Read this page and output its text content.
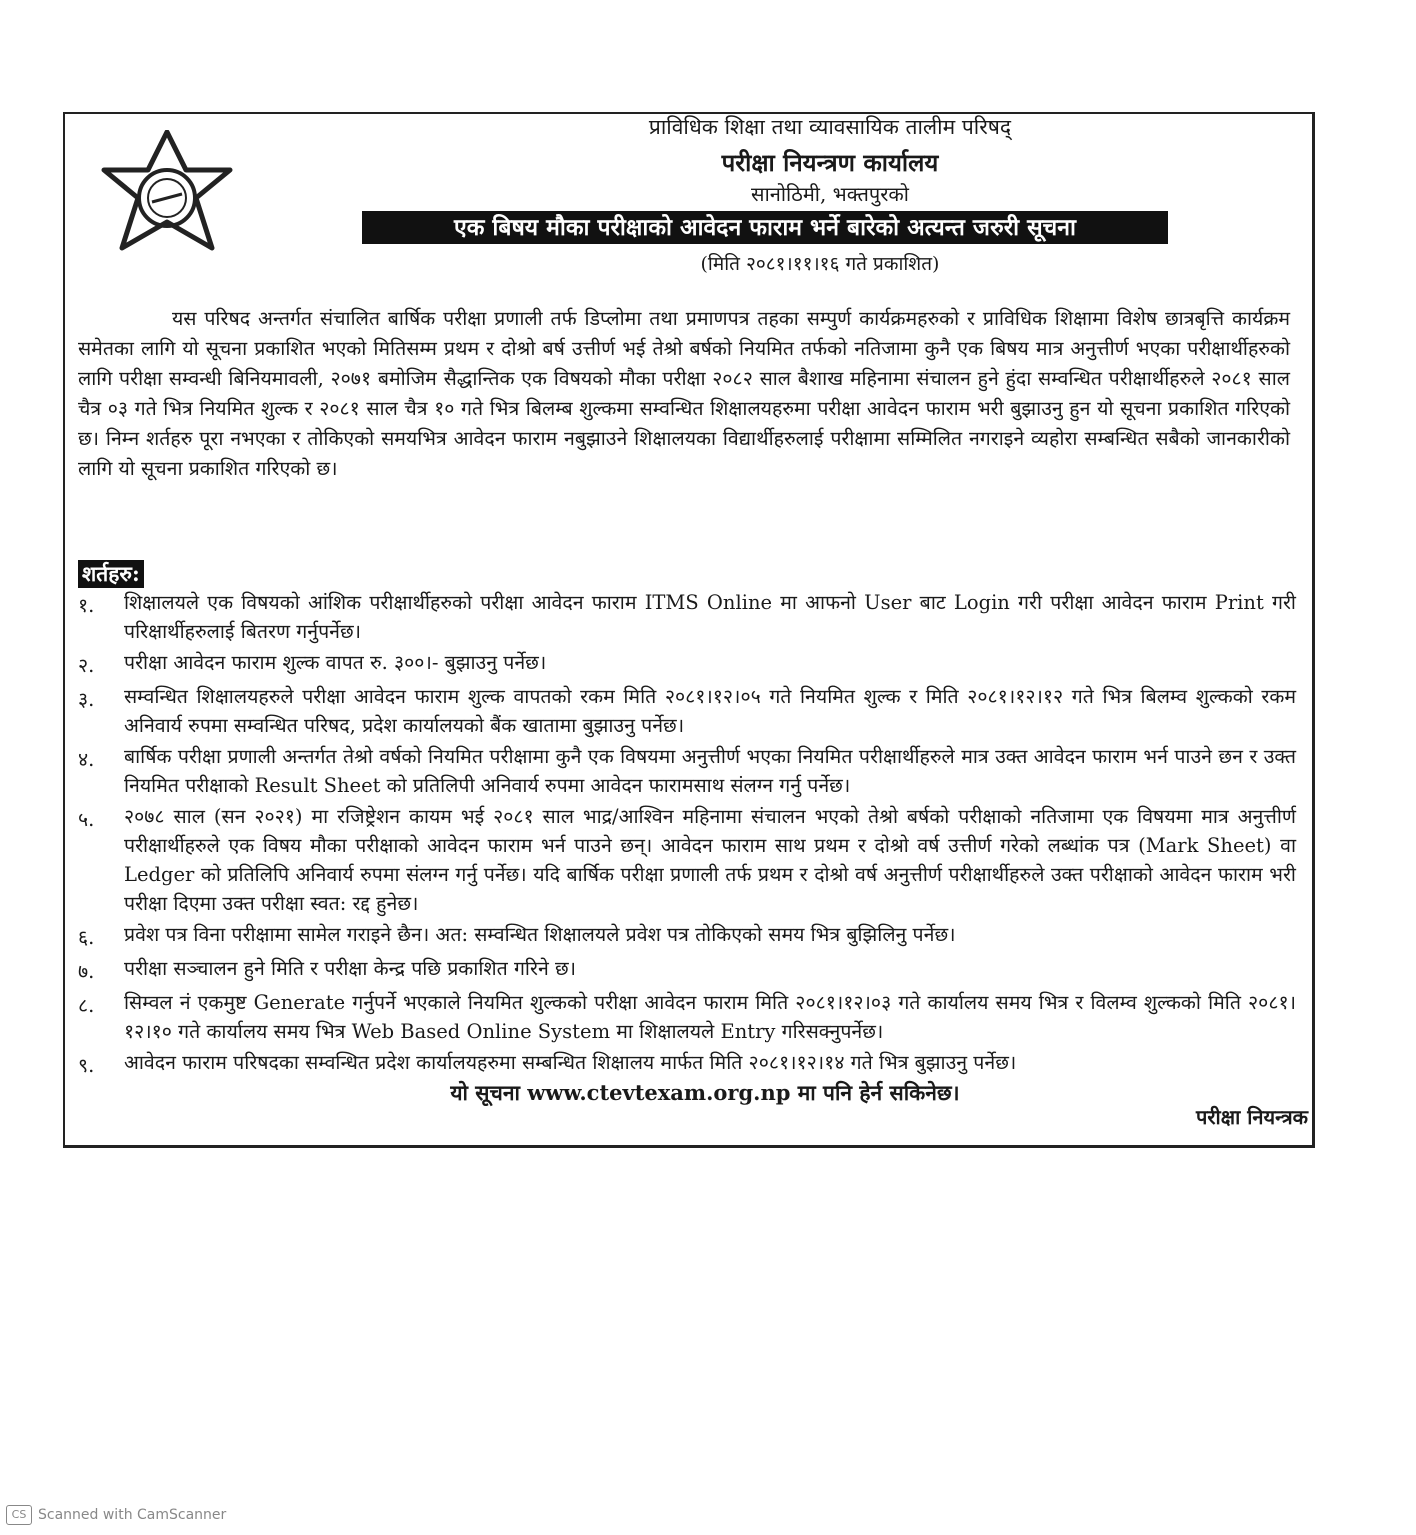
प्राविधिक शिक्षा तथा व्यावसायिक तालीम परिषद्
परीक्षा नियन्त्रण कार्यालय
सानोठिमी, भक्तपुरको
एक बिषय मौका परीक्षाको आवेदन फाराम भर्ने बारेको अत्यन्त जरुरी सूचना
(मिति २०८१।११।१६ गते प्रकाशित)
यस परिषद अन्तर्गत संचालित बार्षिक परीक्षा प्रणाली तर्फ डिप्लोमा तथा प्रमाणपत्र तहका सम्पुर्ण कार्यक्रमहरुको र प्राविधिक शिक्षामा विशेष छात्रबृत्ति कार्यक्रम समेतका लागि यो सूचना प्रकाशित भएको मितिसम्म प्रथम र दोश्रो बर्ष उत्तीर्ण भई तेश्रो बर्षको नियमित तर्फको नतिजामा कुनै एक बिषय मात्र अनुत्तीर्ण भएका परीक्षार्थीहरुको लागि परीक्षा सम्वन्धी बिनियमावली, २०७१ बमोजिम सैद्धान्तिक एक विषयको मौका परीक्षा २०८२ साल बैशाख महिनामा संचालन हुने हुंदा सम्वन्धित परीक्षार्थीहरुले २०८१ साल चैत्र ०३ गते भित्र नियमित शुल्क र २०८१ साल चैत्र १० गते भित्र बिलम्ब शुल्कमा सम्वन्धित शिक्षालयहरुमा परीक्षा आवेदन फाराम भरी बुझाउनु हुन यो सूचना प्रकाशित गरिएको छ। निम्न शर्तहरु पूरा नभएका र तोकिएको समयभित्र आवेदन फाराम नबुझाउने शिक्षालयका विद्यार्थीहरुलाई परीक्षामा सम्मिलित नगराइने व्यहोरा सम्बन्धित सबैको जानकारीको लागि यो सूचना प्रकाशित गरिएको छ।
शर्तहरु:
१.	शिक्षालयले एक विषयको आंशिक परीक्षार्थीहरुको परीक्षा आवेदन फाराम ITMS Online मा आफनो User बाट Login गरी परीक्षा आवेदन फाराम Print गरी परिक्षार्थीहरुलाई बितरण गर्नुपर्नेछ।
२.	परीक्षा आवेदन फाराम शुल्क वापत रु. ३००।- बुझाउनु पर्नेछ।
३.	सम्वन्धित शिक्षालयहरुले परीक्षा आवेदन फाराम शुल्क वापतको रकम मिति २०८१।१२।०५ गते नियमित शुल्क र मिति २०८१।१२।१२ गते भित्र बिलम्व शुल्कको रकम अनिवार्य रुपमा सम्वन्धित परिषद, प्रदेश कार्यालयको बैंक खातामा बुझाउनु पर्नेछ।
४.	बार्षिक परीक्षा प्रणाली अन्तर्गत तेश्रो वर्षको नियमित परीक्षामा कुनै एक विषयमा अनुत्तीर्ण भएका नियमित परीक्षार्थीहरुले मात्र उक्त आवेदन फाराम भर्न पाउने छन र उक्त नियमित परीक्षाको Result Sheet को प्रतिलिपी अनिवार्य रुपमा आवेदन फारामसाथ संलग्न गर्नु पर्नेछ।
५.	२०७८ साल (सन २०२१) मा रजिष्ट्रेशन कायम भई २०८१ साल भाद्र/आश्विन महिनामा संचालन भएको तेश्रो बर्षको परीक्षाको नतिजामा एक विषयमा मात्र अनुत्तीर्ण परीक्षार्थीहरुले एक विषय मौका परीक्षाको आवेदन फाराम भर्न पाउने छन्। आवेदन फाराम साथ प्रथम र दोश्रो वर्ष उत्तीर्ण गरेको लब्धांक पत्र (Mark Sheet) वा Ledger को प्रतिलिपि अनिवार्य रुपमा संलग्न गर्नु पर्नेछ। यदि बार्षिक परीक्षा प्रणाली तर्फ प्रथम र दोश्रो वर्ष अनुत्तीर्ण परीक्षार्थीहरुले उक्त परीक्षाको आवेदन फाराम भरी परीक्षा दिएमा उक्त परीक्षा स्वत: रद्द हुनेछ।
६.	प्रवेश पत्र विना परीक्षामा सामेल गराइने छैन। अत: सम्वन्धित शिक्षालयले प्रवेश पत्र तोकिएको समय भित्र बुझिलिनु पर्नेछ।
७.	परीक्षा सञ्चालन हुने मिति र परीक्षा केन्द्र पछि प्रकाशित गरिने छ।
८.	सिम्वल नं एकमुष्ट Generate गर्नुपर्ने भएकाले नियमित शुल्कको परीक्षा आवेदन फाराम मिति २०८१।१२।०३ गते कार्यालय समय भित्र र विलम्व शुल्कको मिति २०८१।१२।१० गते कार्यालय समय भित्र Web Based Online System मा शिक्षालयले Entry गरिसक्नुपर्नेछ।
९.	आवेदन फाराम परिषदका सम्वन्धित प्रदेश कार्यालयहरुमा सम्बन्धित शिक्षालय मार्फत मिति २०८१।१२।१४ गते भित्र बुझाउनु पर्नेछ।
यो सूचना www.ctevtexam.org.np मा पनि हेर्न सकिनेछ।
परीक्षा नियन्त्रक
CS Scanned with CamScanner
